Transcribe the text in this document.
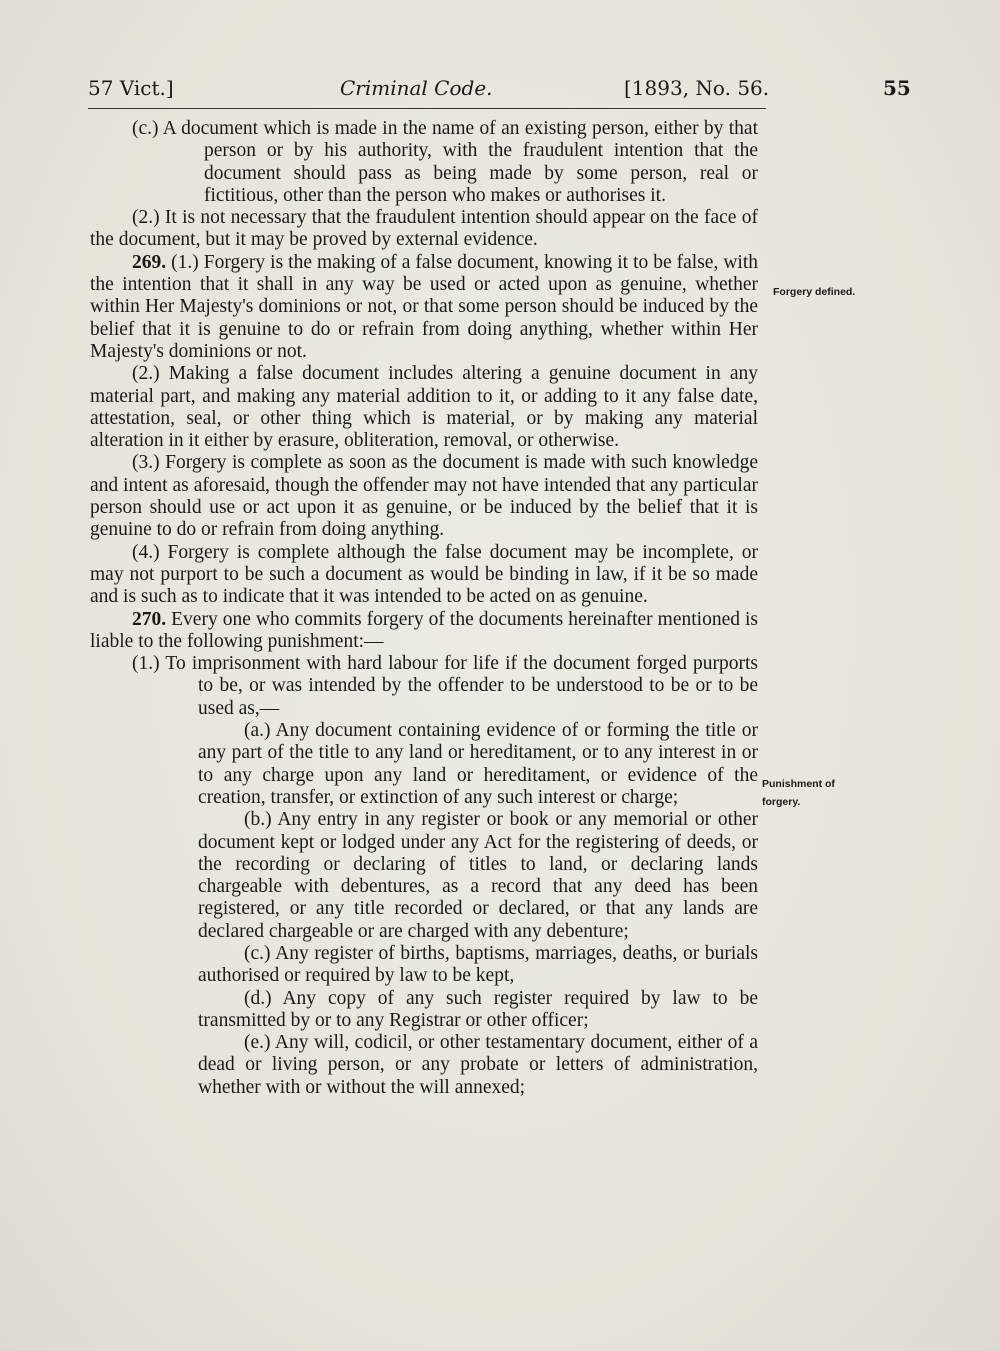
57 Vict.]	Criminal Code.	[1893, No. 56.	55

(c.) A document which is made in the name of an existing person, either by that person or by his authority, with the fraudulent intention that the document should pass as being made by some person, real or fictitious, other than the person who makes or authorises it.

(2.) It is not necessary that the fraudulent intention should appear on the face of the document, but it may be proved by external evidence.

269. (1.) Forgery is the making of a false document, knowing it to be false, with the intention that it shall in any way be used or acted upon as genuine, whether within Her Majesty's dominions or not, or that some person should be induced by the belief that it is genuine to do or refrain from doing anything, whether within Her Majesty's dominions or not.

(2.) Making a false document includes altering a genuine document in any material part, and making any material addition to it, or adding to it any false date, attestation, seal, or other thing which is material, or by making any material alteration in it either by erasure, obliteration, removal, or otherwise.

(3.) Forgery is complete as soon as the document is made with such knowledge and intent as aforesaid, though the offender may not have intended that any particular person should use or act upon it as genuine, or be induced by the belief that it is genuine to do or refrain from doing anything.

(4.) Forgery is complete although the false document may be incomplete, or may not purport to be such a document as would be binding in law, if it be so made and is such as to indicate that it was intended to be acted on as genuine.

270. Every one who commits forgery of the documents hereinafter mentioned is liable to the following punishment:—

(1.) To imprisonment with hard labour for life if the document forged purports to be, or was intended by the offender to be understood to be or to be used as,—

(a.) Any document containing evidence of or forming the title or any part of the title to any land or hereditament, or to any interest in or to any charge upon any land or hereditament, or evidence of the creation, transfer, or extinction of any such interest or charge;

(b.) Any entry in any register or book or any memorial or other document kept or lodged under any Act for the registering of deeds, or the recording or declaring of titles to land, or declaring lands chargeable with debentures, as a record that any deed has been registered, or any title recorded or declared, or that any lands are declared chargeable or are charged with any debenture;

(c.) Any register of births, baptisms, marriages, deaths, or burials authorised or required by law to be kept,

(d.) Any copy of any such register required by law to be transmitted by or to any Registrar or other officer;

(e.) Any will, codicil, or other testamentary document, either of a dead or living person, or any probate or letters of administration, whether with or without the will annexed;

Forgery defined.
Punishment of forgery.
